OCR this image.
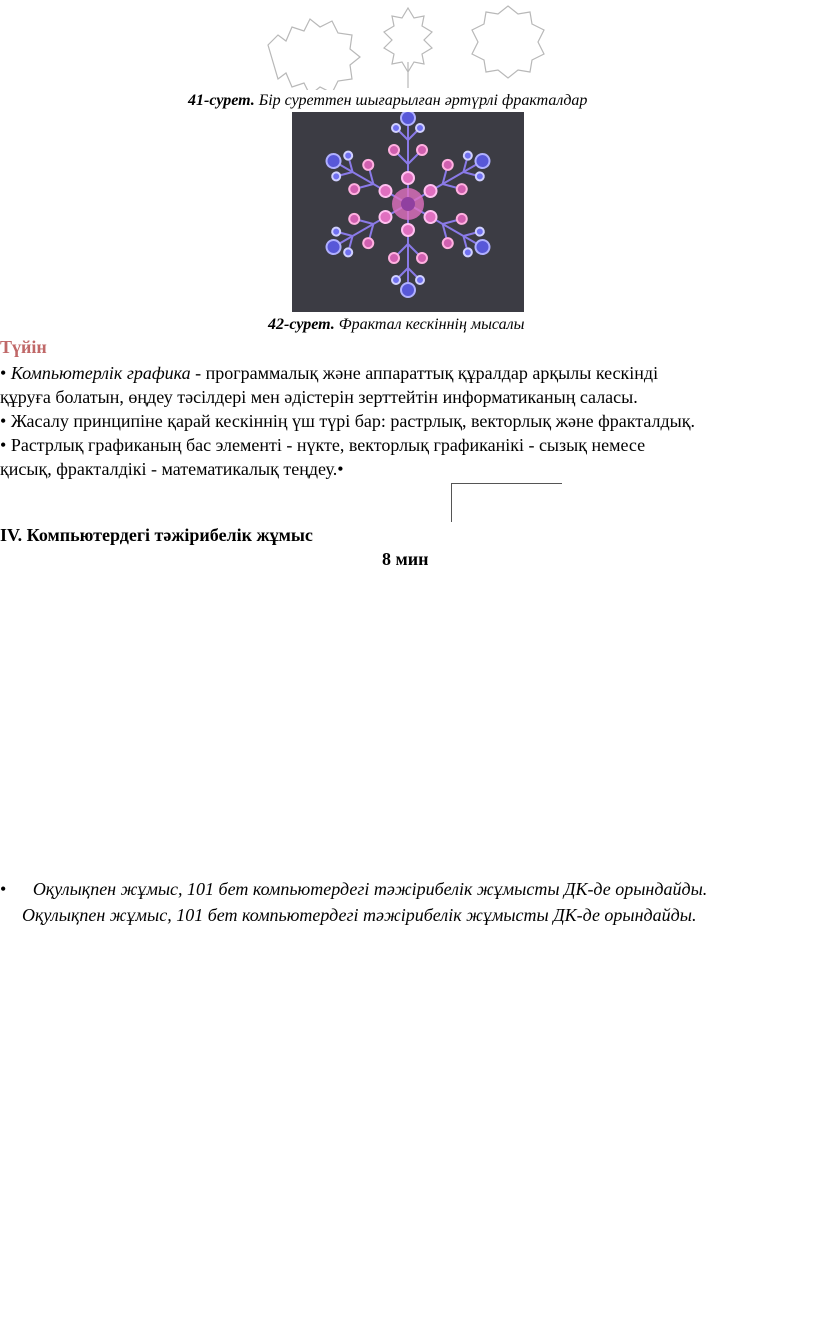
41-сурет. Бір суреттен шығарылған әртүрлі фракталдар
42-сурет. Фрактал кескіннің мысалы
Түйін
• Компьютерлік графика - программалық және аппараттық құралдар арқылы кескінді
құруға болатын, өңдеу тәсілдері мен әдістерін зерттейтін информатиканың саласы.
• Жасалу принципіне қарай кескіннің үш түрі бар: растрлық, векторлық және фракталдық.
• Растрлық графиканың бас элементі - нүкте, векторлық графиканікі - сызық немесе
қисық, фракталдікі - математикалық теңдеу.•
IV. Компьютердегі тәжірибелік жұмыс
8 мин
• Оқулықпен жұмыс, 101 бет компьютердегі тәжірибелік жұмысты ДК-де орындайды.
Оқулықпен жұмыс, 101 бет компьютердегі тәжірибелік жұмысты ДК-де орындайды.
